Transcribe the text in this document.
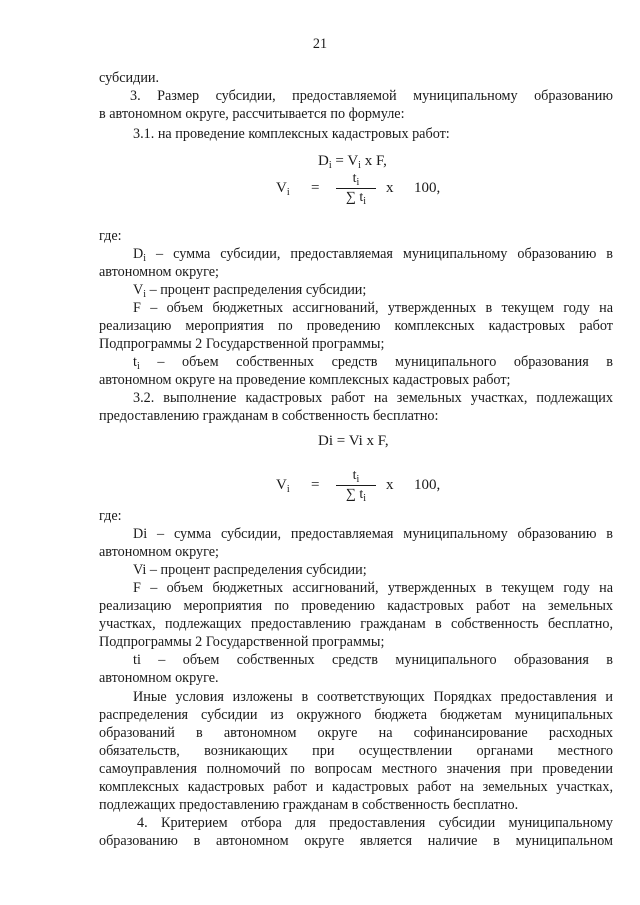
21
субсидии.
3. Размер субсидии, предоставляемой муниципальному образованию
в автономном округе, рассчитывается по формуле:
3.1. на проведение комплексных кадастровых работ:
$D_i = V_i$ x F,
$V_i = \frac{t_i}{\sum t_i}$ x 100,
где:
$D_i$ – сумма субсидии, предоставляемая муниципальному образованию в
автономном округе;
$V_i$ – процент распределения субсидии;
F – объем бюджетных ассигнований, утвержденных в текущем году на
реализацию мероприятия по проведению комплексных кадастровых работ
Подпрограммы 2 Государственной программы;
$t_i$ – объем собственных средств муниципального образования в
автономном округе на проведение комплексных кадастровых работ;
3.2. выполнение кадастровых работ на земельных участках, подлежащих
предоставлению гражданам в собственность бесплатно:
Di = Vi x F,
$V_i = \frac{t_i}{\sum t_i}$ x 100,
где:
Di – сумма субсидии, предоставляемая муниципальному образованию в
автономном округе;
Vi – процент распределения субсидии;
F – объем бюджетных ассигнований, утвержденных в текущем году на
реализацию мероприятия по проведению кадастровых работ на земельных
участках, подлежащих предоставлению гражданам в собственность бесплатно,
Подпрограммы 2 Государственной программы;
ti – объем собственных средств муниципального образования в
автономном округе.
Иные условия изложены в соответствующих Порядках предоставления и
распределения субсидии из окружного бюджета бюджетам муниципальных
образований в автономном округе на софинансирование расходных
обязательств, возникающих при осуществлении органами местного
самоуправления полномочий по вопросам местного значения при проведении
комплексных кадастровых работ и кадастровых работ на земельных участках,
подлежащих предоставлению гражданам в собственность бесплатно.
4. Критерием отбора для предоставления субсидии муниципальному
образованию в автономном округе является наличие в муниципальном
